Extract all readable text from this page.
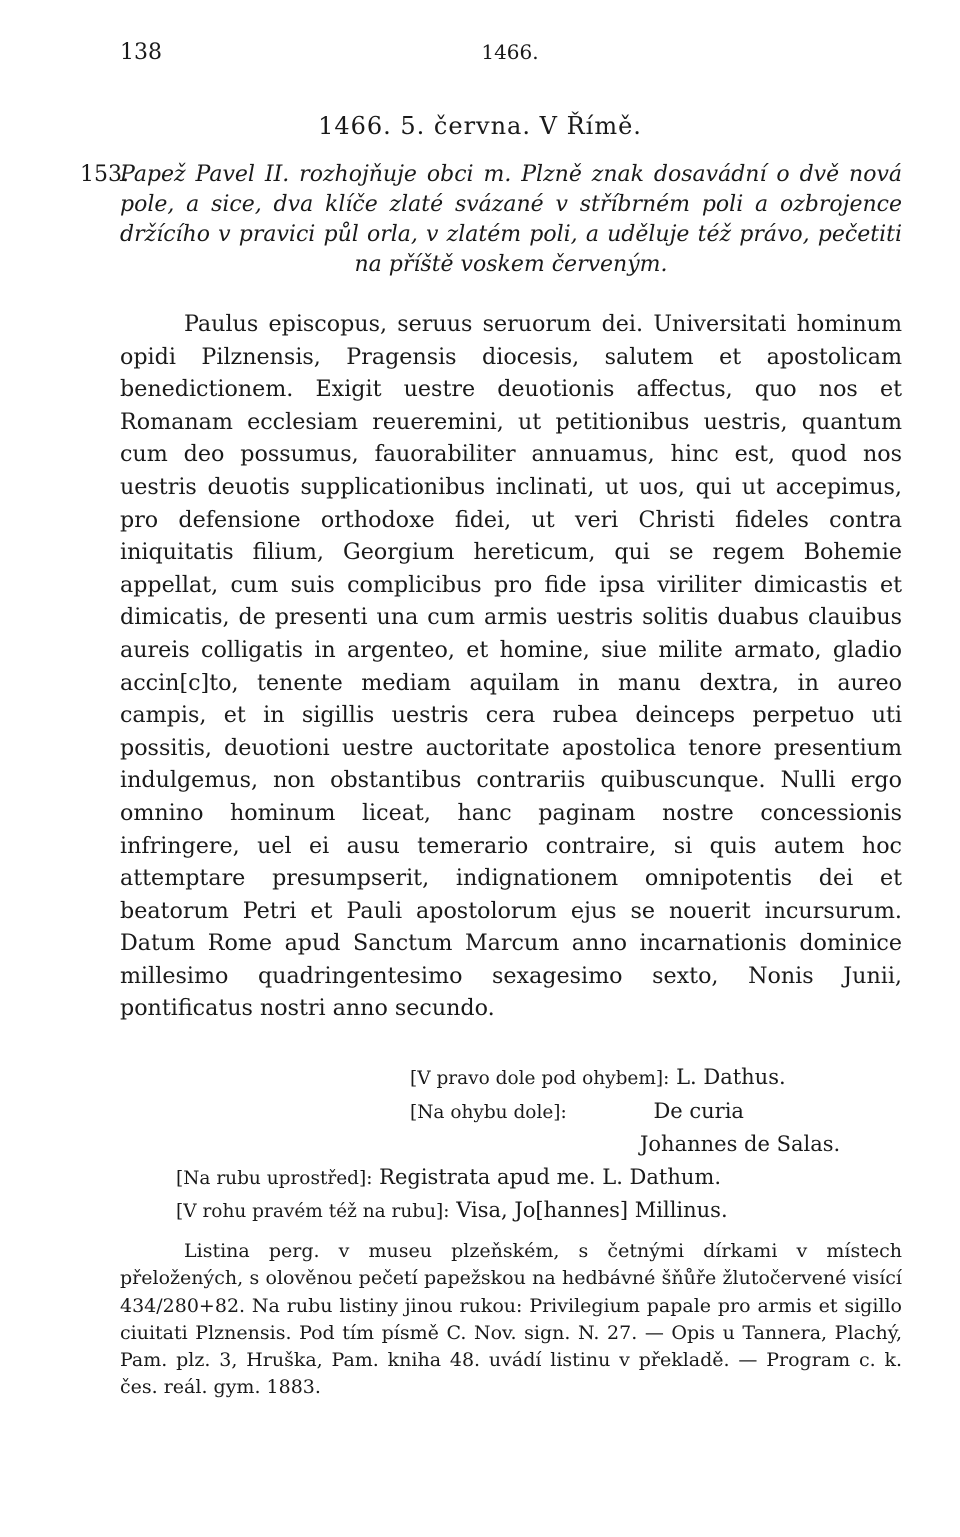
138	1466.
1466. 5. června. V Římě.
153.
Papež Pavel II. rozhojňuje obci m. Plzně znak dosavádní o dvě nová pole, a sice, dva klíče zlaté svázané v stříbrném poli a ozbrojence držícího v pravici půl orla, v zlatém poli, a uděluje též právo, pečetiti na příště voskem červeným.

Paulus episcopus, seruus seruorum dei. Universitati hominum opidi Pilznensis, Pragensis diocesis, salutem et apostolicam benedictionem. Exigit uestre deuotionis affectus, quo nos et Romanam ecclesiam reueremini, ut petitionibus uestris, quantum cum deo possumus, fauorabiliter annuamus, hinc est, quod nos uestris deuotis supplicationibus inclinati, ut uos, qui ut accepimus, pro defensione orthodoxe fidei, ut veri Christi fideles contra iniquitatis filium, Georgium hereticum, qui se regem Bohemie appellat, cum suis complicibus pro fide ipsa viriliter dimicastis et dimicatis, de presenti una cum armis uestris solitis duabus clauibus aureis colligatis in argenteo, et homine, siue milite armato, gladio accin[c]to, tenente mediam aquilam in manu dextra, in aureo campis, et in sigillis uestris cera rubea deinceps perpetuo uti possitis, deuotioni uestre auctoritate apostolica tenore presentium indulgemus, non obstantibus contrariis quibuscunque. Nulli ergo omnino hominum liceat, hanc paginam nostre concessionis infringere, uel ei ausu temerario contraire, si quis autem hoc attemptare presumpserit, indignationem omnipotentis dei et beatorum Petri et Pauli apostolorum ejus se nouerit incursurum. Datum Rome apud Sanctum Marcum anno incarnationis dominice millesimo quadringentesimo sexagesimo sexto, Nonis Junii, pontificatus nostri anno secundo.

[V pravo dole pod ohybem]: L. Dathus.
[Na ohybu dole]:	De curia
Johannes de Salas.
[Na rubu uprostřed]: Registrata apud me. L. Dathum.
[V rohu pravém též na rubu]: Visa, Jo[hannes] Millinus.

Listina perg. v museu plzeňském, s četnými dírkami v místech přeložených, s olověnou pečetí papežskou na hedbávné šňůře žlutočervené visící 434/280+82. Na rubu listiny jinou rukou: Privilegium papale pro armis et sigillo ciuitati Plznensis. Pod tím písmě C. Nov. sign. N. 27. — Opis u Tannera, Plachý, Pam. plz. 3, Hruška, Pam. kniha 48. uvádí listinu v překladě. — Program c. k. čes. reál. gym. 1883.
